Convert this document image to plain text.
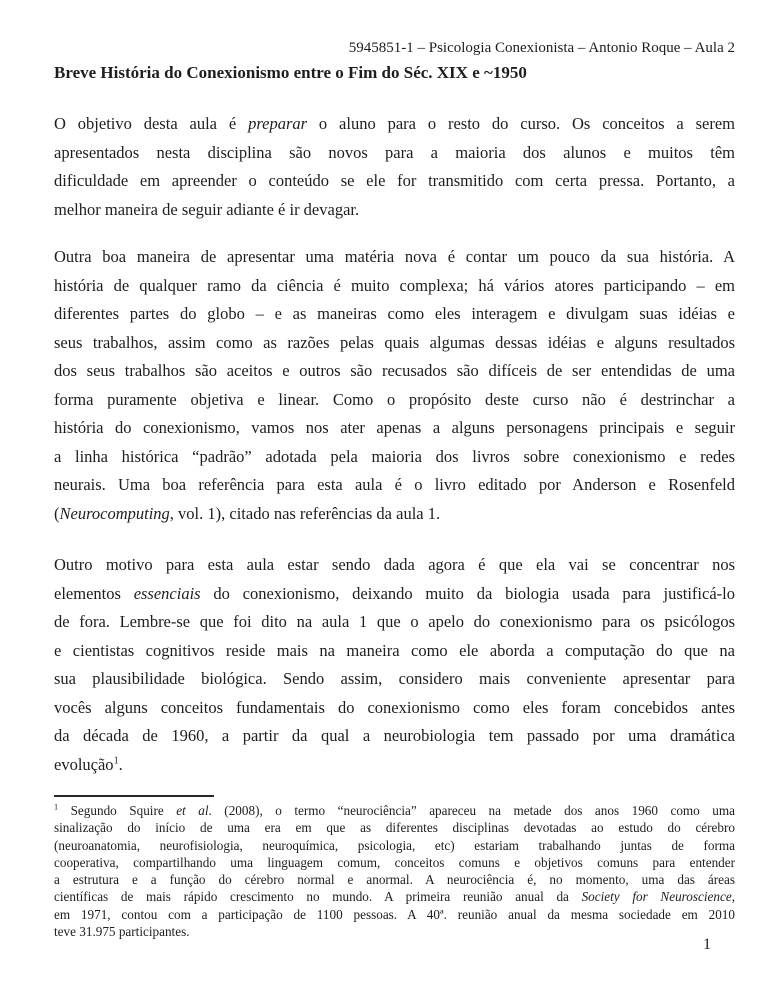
5945851-1 – Psicologia Conexionista – Antonio Roque – Aula 2
Breve História do Conexionismo entre o Fim do Séc. XIX e ~1950
O objetivo desta aula é preparar o aluno para o resto do curso. Os conceitos a serem
apresentados nesta disciplina são novos para a maioria dos alunos e muitos têm
dificuldade em apreender o conteúdo se ele for transmitido com certa pressa. Portanto, a
melhor maneira de seguir adiante é ir devagar.
Outra boa maneira de apresentar uma matéria nova é contar um pouco da sua história. A
história de qualquer ramo da ciência é muito complexa; há vários atores participando – em
diferentes partes do globo – e as maneiras como eles interagem e divulgam suas idéias e
seus trabalhos, assim como as razões pelas quais algumas dessas idéias e alguns resultados
dos seus trabalhos são aceitos e outros são recusados são difíceis de ser entendidas de uma
forma puramente objetiva e linear. Como o propósito deste curso não é destrinchar a
história do conexionismo, vamos nos ater apenas a alguns personagens principais e seguir
a linha histórica “padrão” adotada pela maioria dos livros sobre conexionismo e redes
neurais. Uma boa referência para esta aula é o livro editado por Anderson e Rosenfeld
(Neurocomputing, vol. 1), citado nas referências da aula 1.
Outro motivo para esta aula estar sendo dada agora é que ela vai se concentrar nos
elementos essenciais do conexionismo, deixando muito da biologia usada para justificá-lo
de fora. Lembre-se que foi dito na aula 1 que o apelo do conexionismo para os psicólogos
e cientistas cognitivos reside mais na maneira como ele aborda a computação do que na
sua plausibilidade biológica. Sendo assim, considero mais conveniente apresentar para
vocês alguns conceitos fundamentais do conexionismo como eles foram concebidos antes
da década de 1960, a partir da qual a neurobiologia tem passado por uma dramática
evolução$^1$.
$^1$ Segundo Squire et al. (2008), o termo “neurociência” apareceu na metade dos anos 1960 como uma
sinalização do início de uma era em que as diferentes disciplinas devotadas ao estudo do cérebro
(neuroanatomia, neurofisiologia, neuroquímica, psicologia, etc) estariam trabalhando juntas de forma
cooperativa, compartilhando uma linguagem comum, conceitos comuns e objetivos comuns para entender
a estrutura e a função do cérebro normal e anormal. A neurociência é, no momento, uma das áreas
científicas de mais rápido crescimento no mundo. A primeira reunião anual da Society for Neuroscience,
em 1971, contou com a participação de 1100 pessoas. A 40ª. reunião anual da mesma sociedade em 2010
teve 31.975 participantes.
1
